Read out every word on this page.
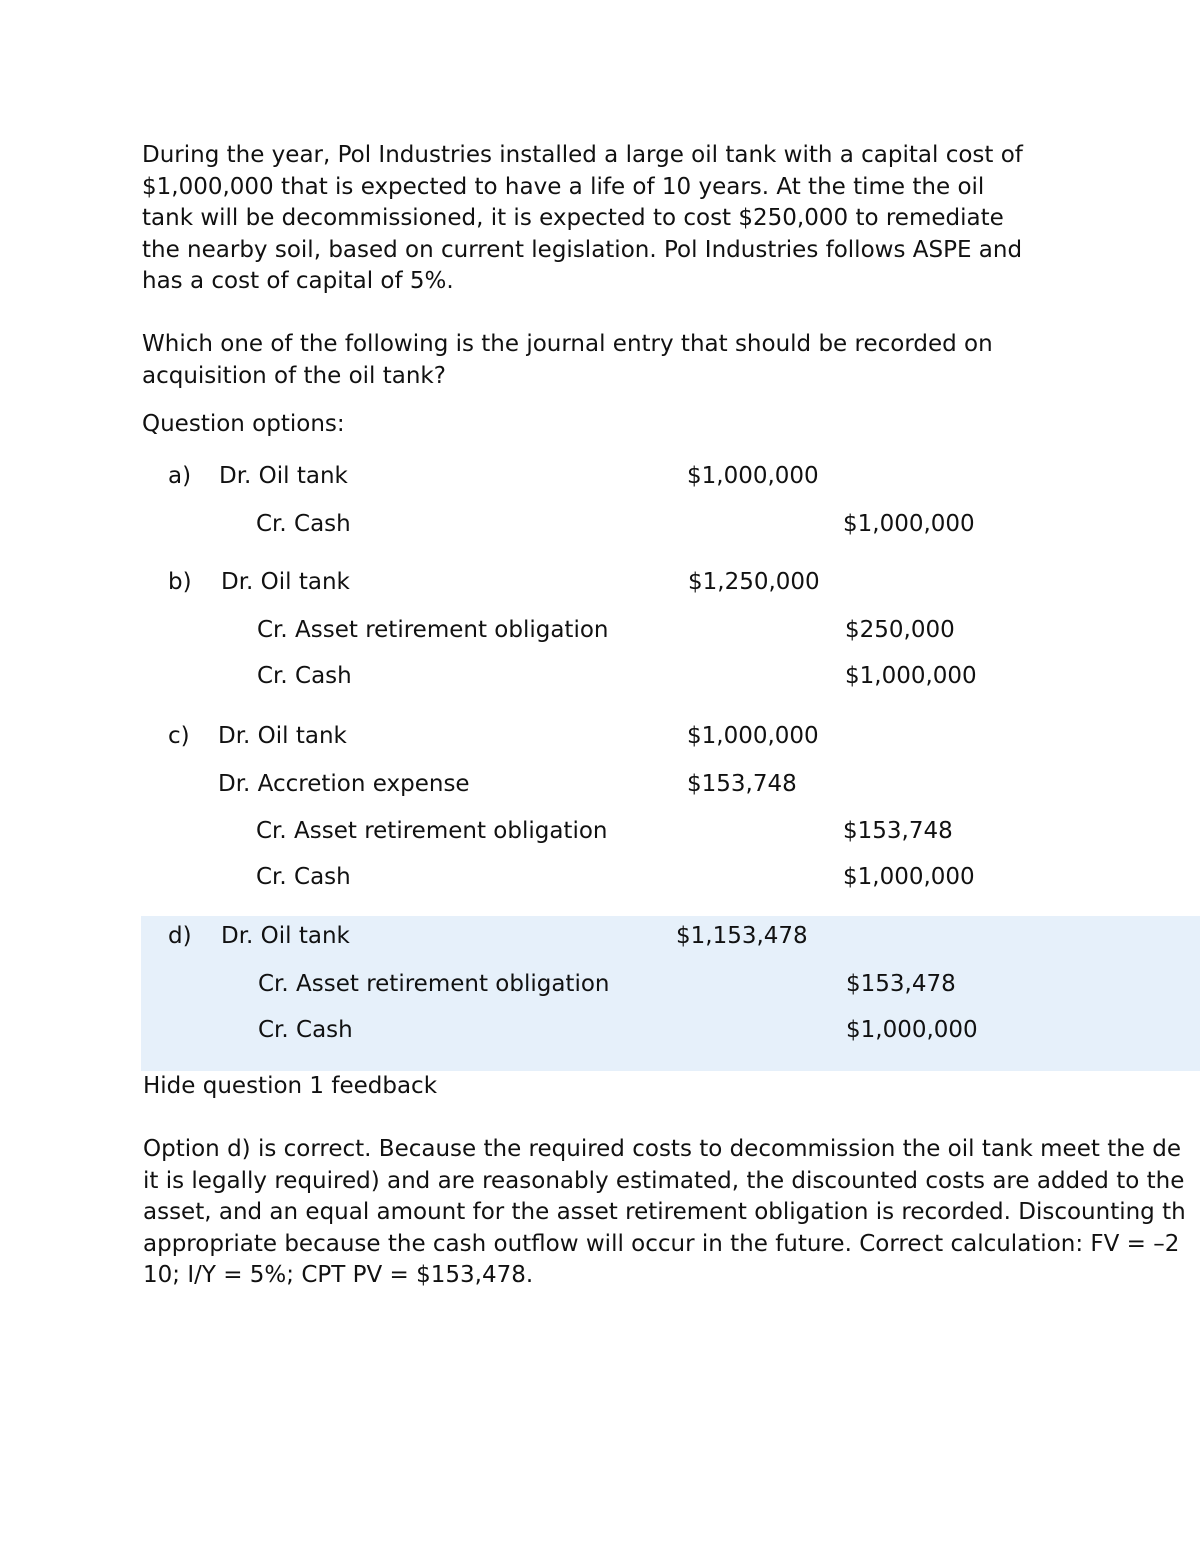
During the year, Pol Industries installed a large oil tank with a capital cost of
$1,000,000 that is expected to have a life of 10 years. At the time the oil
tank will be decommissioned, it is expected to cost $250,000 to remediate
the nearby soil, based on current legislation. Pol Industries follows ASPE and
has a cost of capital of 5%.
Which one of the following is the journal entry that should be recorded on
acquisition of the oil tank?
Question options:
a) Dr. Oil tank	$1,000,000
Cr. Cash	$1,000,000
b) Dr. Oil tank	$1,250,000
Cr. Asset retirement obligation	$250,000
Cr. Cash	$1,000,000
c) Dr. Oil tank	$1,000,000
Dr. Accretion expense	$153,748
Cr. Asset retirement obligation	$153,748
Cr. Cash	$1,000,000
d) Dr. Oil tank	$1,153,478
Cr. Asset retirement obligation	$153,478
Cr. Cash	$1,000,000
Hide question 1 feedback
Option d) is correct. Because the required costs to decommission the oil tank meet the de
it is legally required) and are reasonably estimated, the discounted costs are added to the
asset, and an equal amount for the asset retirement obligation is recorded. Discounting th
appropriate because the cash outflow will occur in the future. Correct calculation: FV = –2
10; I/Y = 5%; CPT PV = $153,478.
